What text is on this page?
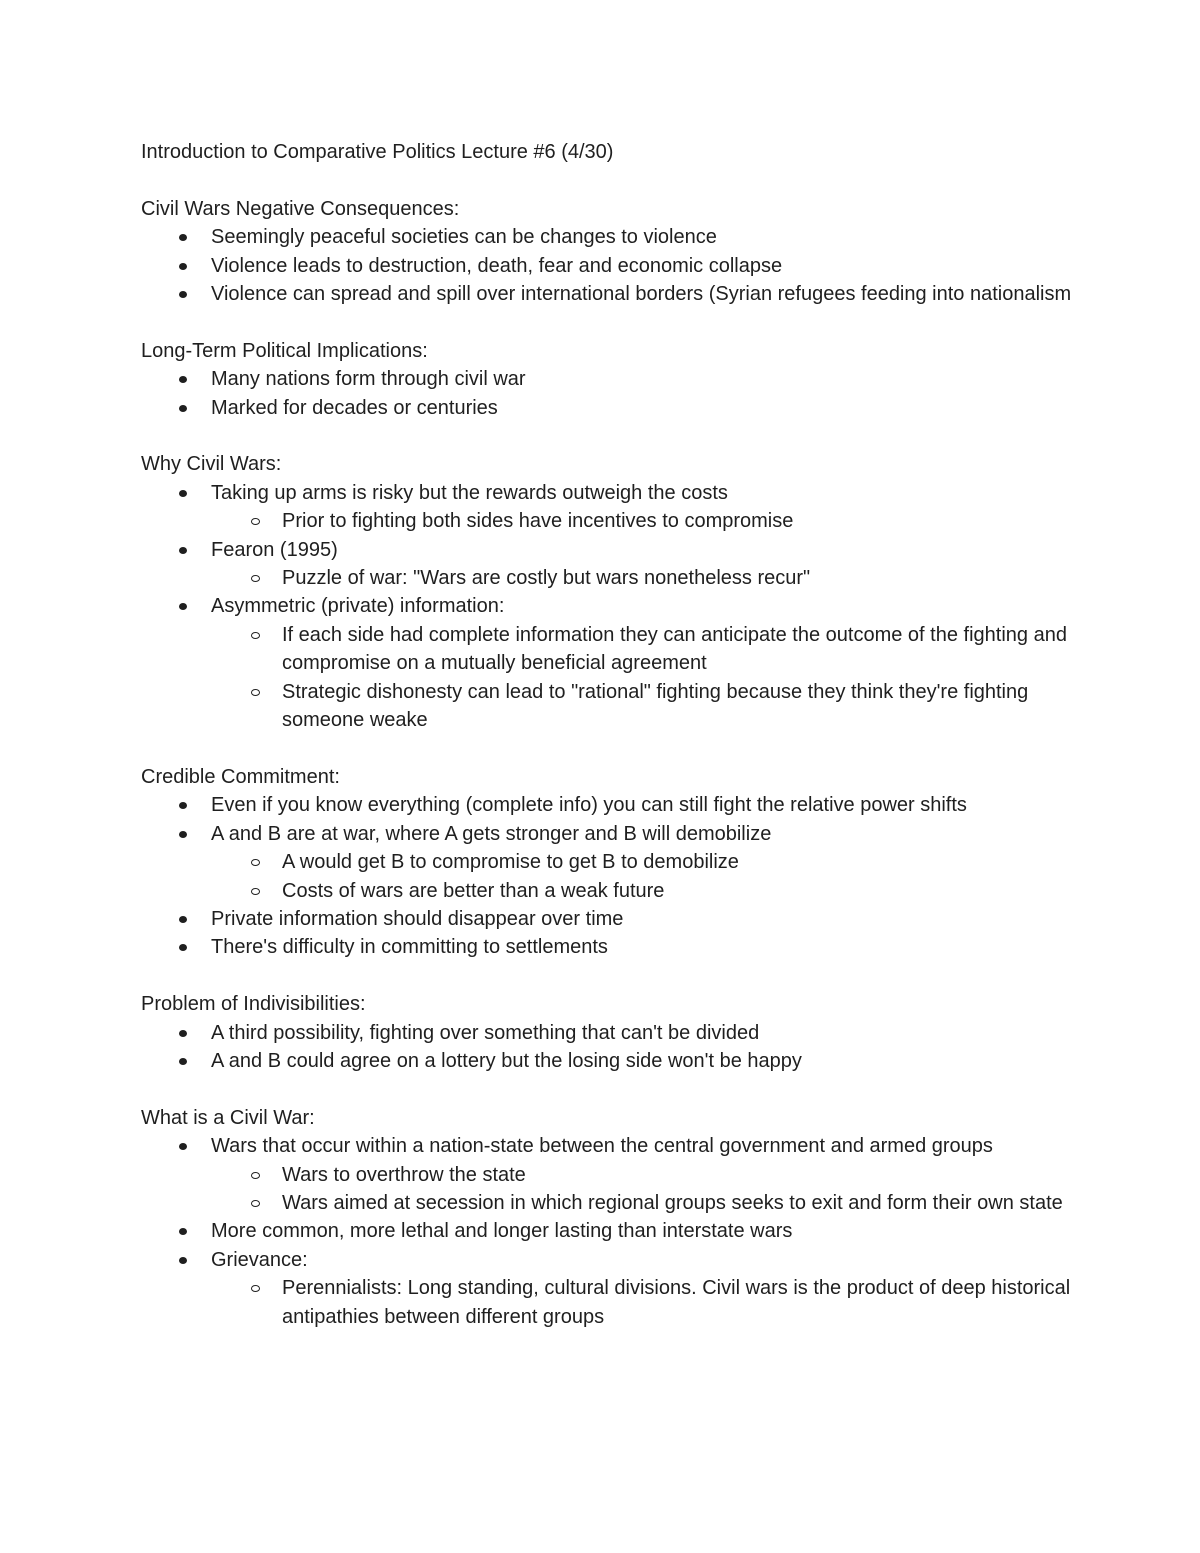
Introduction to Comparative Politics Lecture #6 (4/30)
Civil Wars Negative Consequences:
Seemingly peaceful societies can be changes to violence
Violence leads to destruction, death, fear and economic collapse
Violence can spread and spill over international borders (Syrian refugees feeding into nationalism
Long-Term Political Implications:
Many nations form through civil war
Marked for decades or centuries
Why Civil Wars:
Taking up arms is risky but the rewards outweigh the costs
Prior to fighting both sides have incentives to compromise
Fearon (1995)
Puzzle of war: "Wars are costly but wars nonetheless recur"
Asymmetric (private) information:
If each side had complete information they can anticipate the outcome of the fighting and compromise on a mutually beneficial agreement
Strategic dishonesty can lead to "rational" fighting because they think they're fighting someone weake
Credible Commitment:
Even if you know everything (complete info) you can still fight the relative power shifts
A and B are at war, where A gets stronger and B will demobilize
A would get B to compromise to get B to demobilize
Costs of wars are better than a weak future
Private information should disappear over time
There's difficulty in committing to settlements
Problem of Indivisibilities:
A third possibility, fighting over something that can't be divided
A and B could agree on a lottery but the losing side won't be happy
What is a Civil War:
Wars that occur within a nation-state between the central government and armed groups
Wars to overthrow the state
Wars aimed at secession in which regional groups seeks to exit and form their own state
More common, more lethal and longer lasting than interstate wars
Grievance:
Perennialists: Long standing, cultural divisions. Civil wars is the product of deep historical antipathies between different groups
